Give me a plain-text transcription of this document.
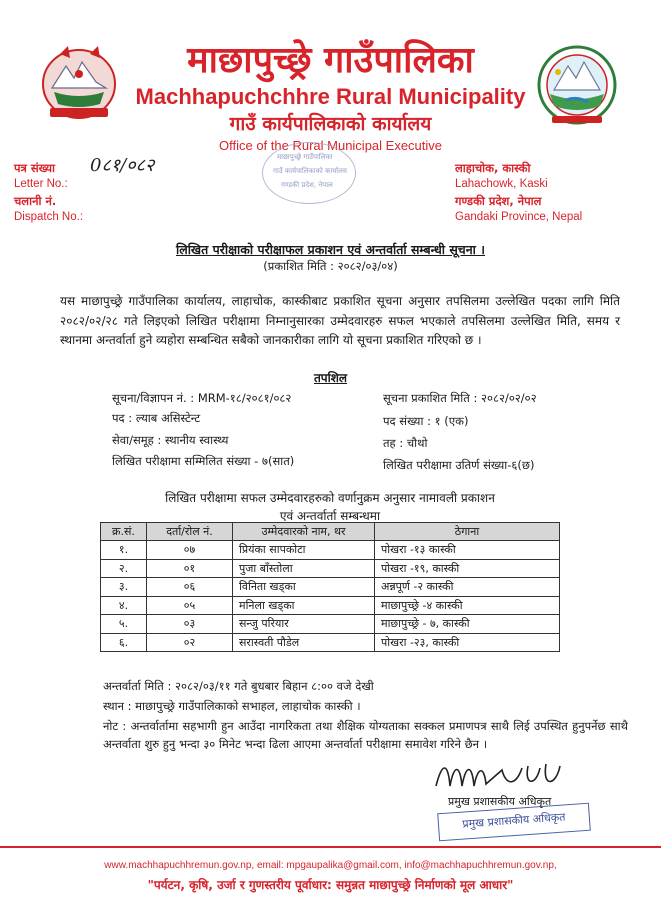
माछापुच्छ्रे गाउँपालिका
Machhapuchchhre Rural Municipality
गाउँ कार्यपालिकाको कार्यालय
Office of the Rural Municipal Executive
माछापुच्छ्रे गाउँपालिका
गाउँ कार्यपालिकाको कार्यालय
गण्डकी प्रदेश, नेपाल
पत्र संख्या 0८१/०८२
Letter No.:
चलानी नं.
Dispatch No.:
लाहाचोक, कास्की
Lahachowk, Kaski
गण्डकी प्रदेश, नेपाल
Gandaki Province, Nepal
लिखित परीक्षाको परीक्षाफल प्रकाशन एवं अन्तर्वार्ता सम्बन्धी सूचना ।
(प्रकाशित मिति : २०८२/०३/०४)
यस माछापुच्छ्रे गाउँपालिका कार्यालय, लाहाचोक, कास्कीबाट प्रकाशित सूचना अनुसार तपसिलमा उल्लेखित पदका लागि मिति २०८२/०२/२८ गते लिइएको लिखित परीक्षामा निम्नानुसारका उम्मेदवारहरु सफल भएकाले तपसिलमा उल्लेखित मिति, समय र स्थानमा अन्तर्वार्ता हुने व्यहोरा सम्बन्धित सबैको जानकारीका लागि यो सूचना प्रकाशित गरिएको छ ।
तपशिल
सूचना/विज्ञापन नं. : MRM-१८/२०८१/०८२	सूचना प्रकाशित मिति : २०८२/०२/०२
पद : ल्याब असिस्टेन्ट	पद संख्या : १ (एक)
सेवा/समूह : स्थानीय स्वास्थ्य	तह : चौथो
लिखित परीक्षामा सम्मिलित संख्या - ७(सात)	लिखित परीक्षामा उतिर्ण संख्या-६(छ)
लिखित परीक्षामा सफल उम्मेदवारहरुको वर्णानुक्रम अनुसार नामावली प्रकाशन
एवं अन्तर्वार्ता सम्बन्धमा
क्र.सं.	दर्ता/रोल नं.	उम्मेदवारको नाम, थर	ठेगाना
१.	०७	प्रियंका सापकोटा	पोखरा -१३ कास्की
२.	०१	पुजा बाँस्तोला	पोखरा -१९, कास्की
३.	०६	विनिता खड्का	अन्नपूर्ण -२ कास्की
४.	०५	मनिला खड्का	माछापुच्छ्रे -४ कास्की
५.	०३	सन्जु परियार	माछापुच्छ्रे - ७, कास्की
६.	०२	सरास्वती पौडेल	पोखरा -२३, कास्की
अन्तर्वार्ता मिति : २०८२/०३/११ गते बुधबार बिहान ८:०० वजे देखी
स्थान : माछापुच्छ्रे गाउँपालिकाको सभाहल, लाहाचोक कास्की ।
नोट : अन्तर्वार्तामा सहभागी हुन आउँदा नागरिकता तथा शैक्षिक योग्यताका सक्कल प्रमाणपत्र साथै लिई उपस्थित हुनुपर्नेछ साथै अन्तर्वाता शुरु हुनु भन्दा ३० मिनेट भन्दा ढिला आएमा अन्तर्वार्ता परीक्षामा समावेश गरिने छैन ।
प्रमुख प्रशासकीय अधिकृत
प्रमुख प्रशासकीय अधिकृत
www.machhapuchhremun.gov.np, email: mpgaupalika@gmail.com, info@machhapuchhremun.gov.np,
"पर्यटन, कृषि, उर्जा र गुणस्तरीय पूर्वाधार: समुन्नत माछापुच्छ्रे निर्माणको मूल आधार"
